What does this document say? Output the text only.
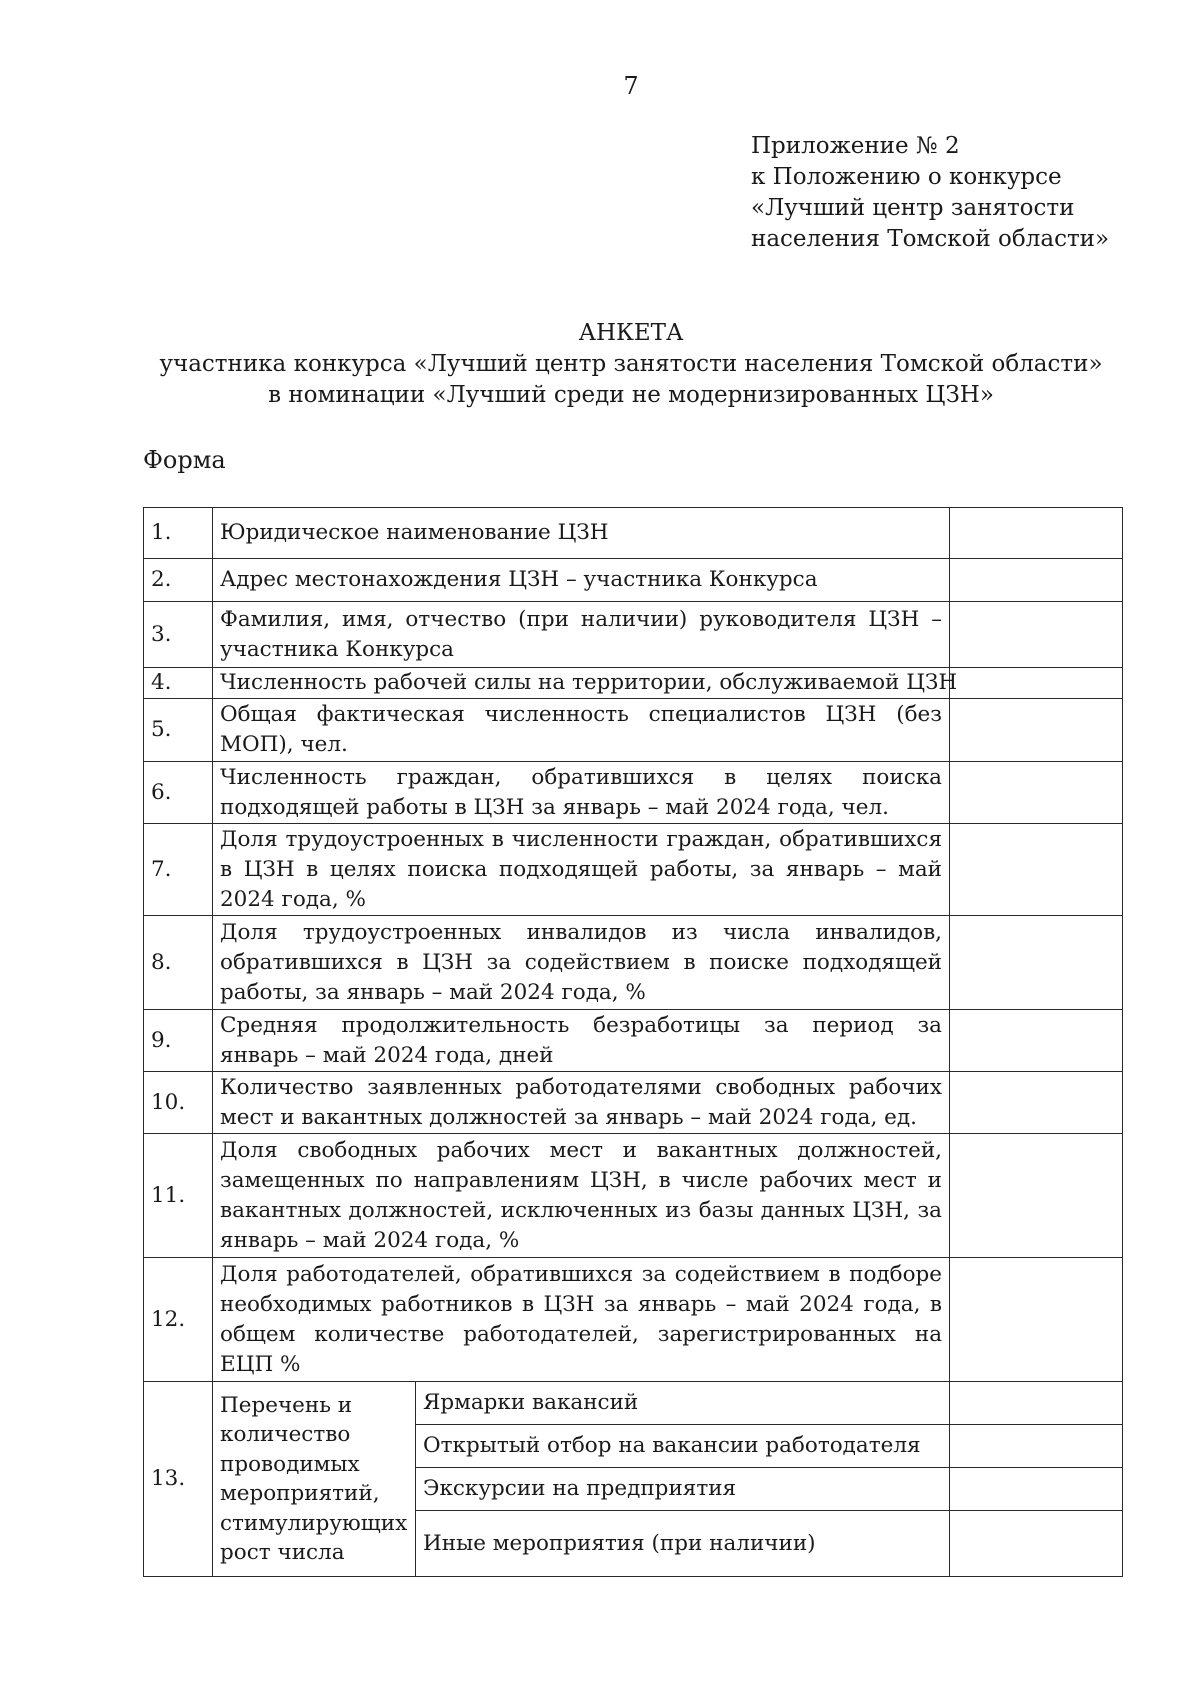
7
Приложение № 2
к Положению о конкурсе
«Лучший центр занятости
населения Томской области»
АНКЕТА
участника конкурса «Лучший центр занятости населения Томской области»
в номинации «Лучший среди не модернизированных ЦЗН»
Форма
1.	Юридическое наименование ЦЗН		
2.	Адрес местонахождения ЦЗН – участника Конкурса		
3.	Фамилия, имя, отчество (при наличии) руководителя ЦЗН – участника Конкурса		
4.	Численность рабочей силы на территории, обслуживаемой ЦЗН		
5.	Общая фактическая численность специалистов ЦЗН (без МОП), чел.		
6.	Численность граждан, обратившихся в целях поиска подходящей работы в ЦЗН за январь – май 2024 года, чел.		
7.	Доля трудоустроенных в численности граждан, обратившихся в ЦЗН в целях поиска подходящей работы, за январь – май 2024 года, %		
8.	Доля трудоустроенных инвалидов из числа инвалидов, обратившихся в ЦЗН за содействием в поиске подходящей работы, за январь – май 2024 года, %		
9.	Средняя продолжительность безработицы за период за январь – май 2024 года, дней		
10.	Количество заявленных работодателями свободных рабочих мест и вакантных должностей за январь – май 2024 года, ед.		
11.	Доля свободных рабочих мест и вакантных должностей, замещенных по направлениям ЦЗН, в числе рабочих мест и вакантных должностей, исключенных из базы данных ЦЗН, за январь – май 2024 года, %		
12.	Доля работодателей, обратившихся за содействием в подборе необходимых работников в ЦЗН за январь – май 2024 года, в общем количестве работодателей, зарегистрированных на ЕЦП %		
13.	Перечень и количество проводимых мероприятий, стимулирующих рост числа	Ярмарки вакансий	
		Открытый отбор на вакансии работодателя	
		Экскурсии на предприятия	
		Иные мероприятия (при наличии)	
